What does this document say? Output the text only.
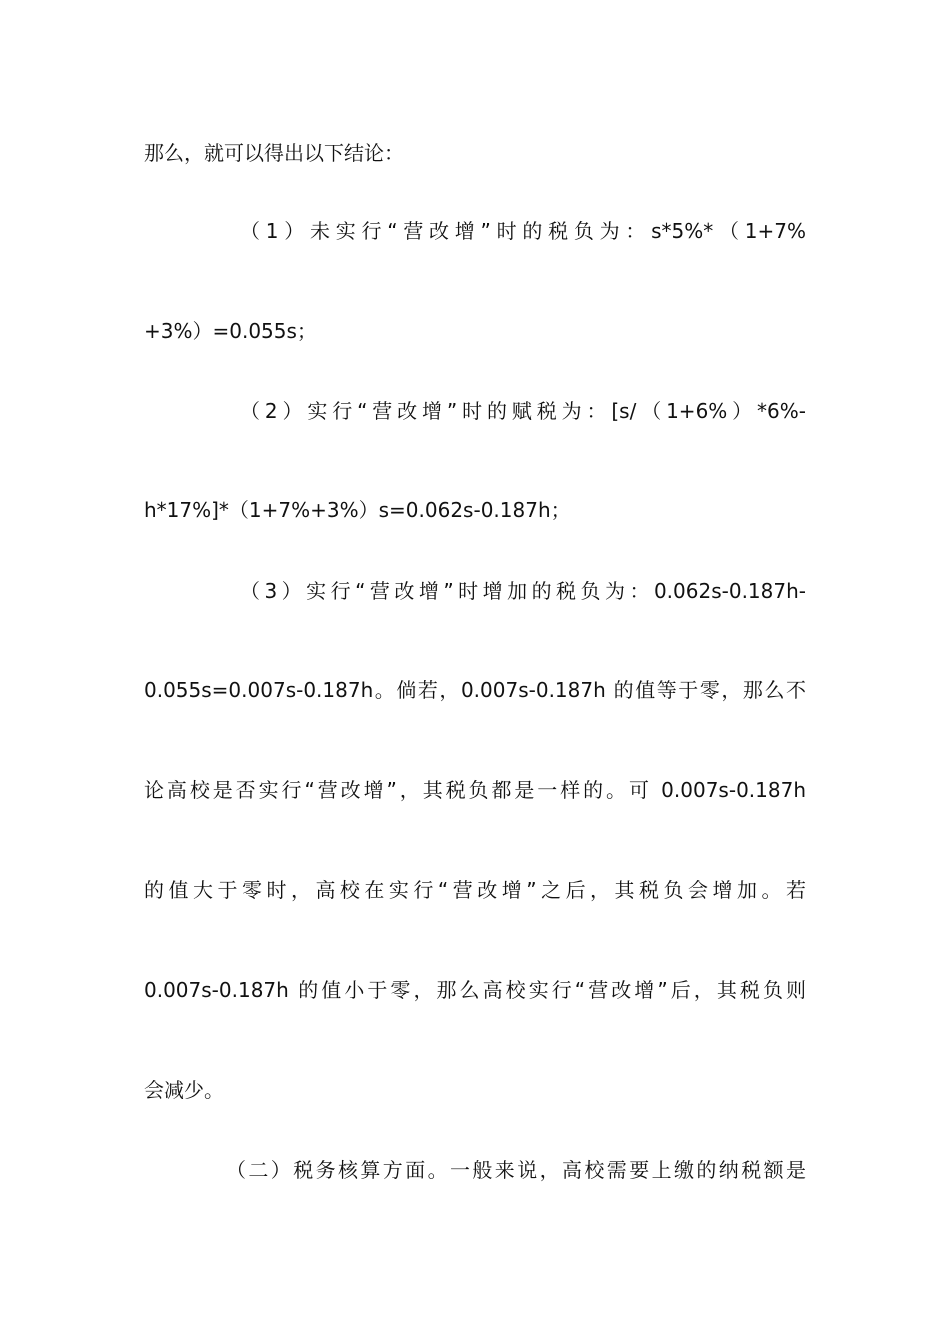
那么，就可以得出以下结论：
（1）未实行“营改增”时的税负为：s*5%*（1+7%
+3%）=0.055s；
（2）实行“营改增”时的赋税为：[s/（1+6%）*6%-
h*17%]*（1+7%+3%）s=0.062s-0.187h；
（3）实行“营改增”时增加的税负为：0.062s-0.187h-
0.055s=0.007s-0.187h。倘若，0.007s-0.187h 的值等于零，那么不
论高校是否实行“营改增”，其税负都是一样的。可 0.007s-0.187h
的值大于零时，高校在实行“营改增”之后，其税负会增加。若
0.007s-0.187h 的值小于零，那么高校实行“营改增”后，其税负则
会减少。
（二）税务核算方面。一般来说，高校需要上缴的纳税额是
